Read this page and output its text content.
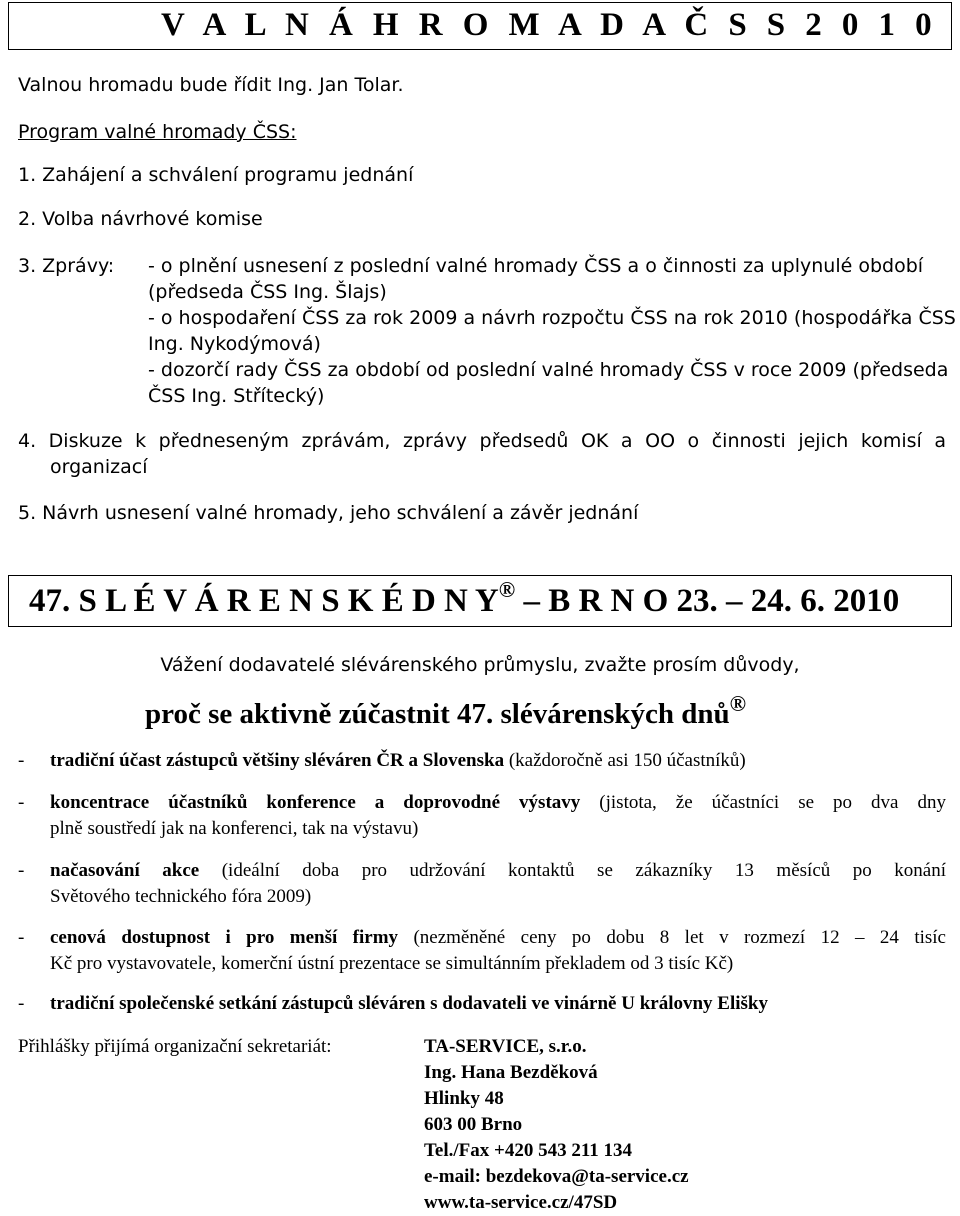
V A L N Á H R O M A D A Č S S 2 0 1 0
Valnou hromadu bude řídit Ing. Jan Tolar.
Program valné hromady ČSS:
1. Zahájení a schválení programu jednání
2. Volba návrhové komise
3. Zprávy: - o plnění usnesení z poslední valné hromady ČSS a o činnosti za uplynulé období
(předseda ČSS Ing. Šlajs)
- o hospodaření ČSS za rok 2009 a návrh rozpočtu ČSS na rok 2010 (hospodářka ČSS
Ing. Nykodýmová)
- dozorčí rady ČSS za období od poslední valné hromady ČSS v roce 2009 (předseda
ČSS Ing. Střítecký)
4. Diskuze k předneseným zprávám, zprávy předsedů OK a OO o činnosti jejich komisí a
organizací
5. Návrh usnesení valné hromady, jeho schválení a závěr jednání
47. S L É V Á R E N S K É D N Y® – B R N O 23. – 24. 6. 2010
Vážení dodavatelé slévárenského průmyslu, zvažte prosím důvody,
proč se aktivně zúčastnit 47. slévárenských dnů®
- tradiční účast zástupců většiny sléváren ČR a Slovenska (každoročně asi 150 účastníků)
- koncentrace účastníků konference a doprovodné výstavy (jistota, že účastníci se po dva dny
plně soustředí jak na konferenci, tak na výstavu)
- načasování akce (ideální doba pro udržování kontaktů se zákazníky 13 měsíců po konání
Světového technického fóra 2009)
- cenová dostupnost i pro menší firmy (nezměněné ceny po dobu 8 let v rozmezí 12 – 24 tisíc
Kč pro vystavovatele, komerční ústní prezentace se simultánním překladem od 3 tisíc Kč)
- tradiční společenské setkání zástupců sléváren s dodavateli ve vinárně U královny Elišky
Přihlášky přijímá organizační sekretariát:	TA-SERVICE, s.r.o.
Ing. Hana Bezděková
Hlinky 48
603 00 Brno
Tel./Fax +420 543 211 134
e-mail: bezdekova@ta-service.cz
www.ta-service.cz/47SD
